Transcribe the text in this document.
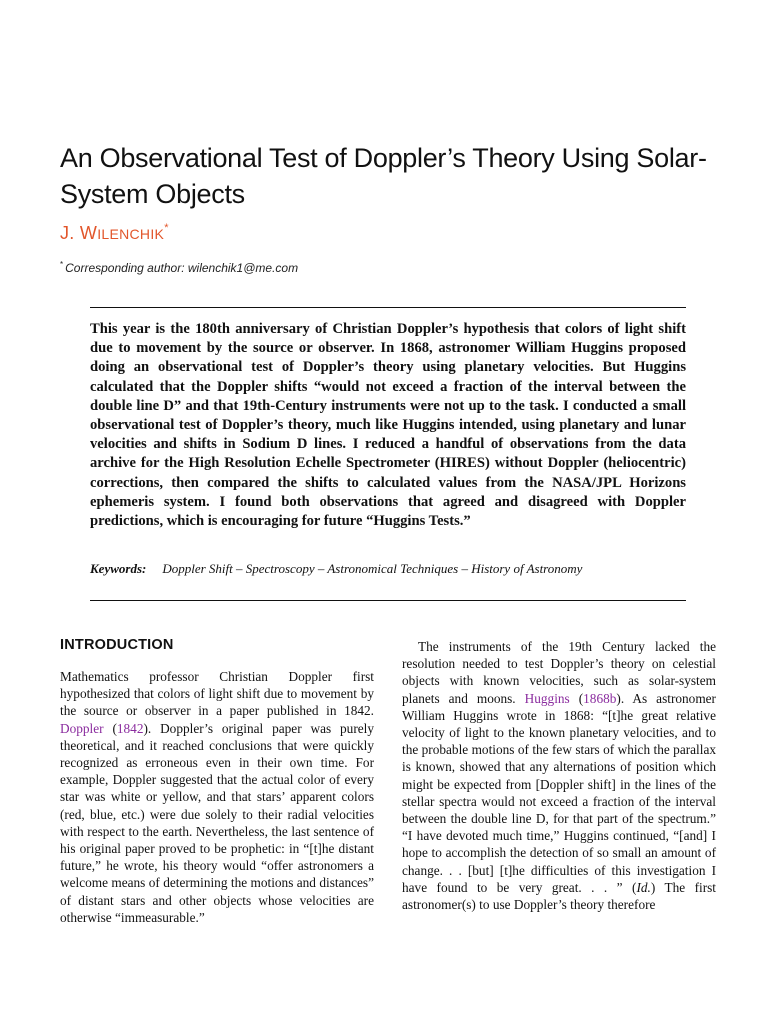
An Observational Test of Doppler’s Theory Using Solar-System Objects
J. WILENCHIK*
* Corresponding author: wilenchik1@me.com

This year is the 180th anniversary of Christian Doppler’s hypothesis that colors of light shift due to movement by the source or observer. In 1868, astronomer William Huggins proposed doing an observational test of Doppler’s theory using planetary velocities. But Huggins calculated that the Doppler shifts “would not exceed a fraction of the interval between the double line D” and that 19th-Century instruments were not up to the task. I conducted a small observational test of Doppler’s theory, much like Huggins intended, using planetary and lunar velocities and shifts in Sodium D lines. I reduced a handful of observations from the data archive for the High Resolution Echelle Spectrometer (HIRES) without Doppler (heliocentric) corrections, then compared the shifts to calculated values from the NASA/JPL Horizons ephemeris system. I found both observations that agreed and disagreed with Doppler predictions, which is encouraging for future “Huggins Tests.”

Keywords: Doppler Shift – Spectroscopy – Astronomical Techniques – History of Astronomy
INTRODUCTION

Mathematics professor Christian Doppler first hypothesized that colors of light shift due to movement by the source or observer in a paper published in 1842. Doppler (1842). Doppler’s original paper was purely theoretical, and it reached conclusions that were quickly recognized as erroneous even in their own time. For example, Doppler suggested that the actual color of every star was white or yellow, and that stars’ apparent colors (red, blue, etc.) were due solely to their radial velocities with respect to the earth. Nevertheless, the last sentence of his original paper proved to be prophetic: in “[t]he distant future,” he wrote, his theory would “offer astronomers a welcome means of determining the motions and distances” of distant stars and other objects whose velocities are otherwise “immeasurable.”

The instruments of the 19th Century lacked the resolution needed to test Doppler’s theory on celestial objects with known velocities, such as solar-system planets and moons. Huggins (1868b). As astronomer William Huggins wrote in 1868: “[t]he great relative velocity of light to the known planetary velocities, and to the probable motions of the few stars of which the parallax is known, showed that any alternations of position which might be expected from [Doppler shift] in the lines of the stellar spectra would not exceed a fraction of the interval between the double line D, for that part of the spectrum.” “I have devoted much time,” Huggins continued, “[and] I hope to accomplish the detection of so small an amount of change. . . [but] [t]he difficulties of this investigation I have found to be very great. . . ” (Id.) The first astronomer(s) to use Doppler’s theory therefore
